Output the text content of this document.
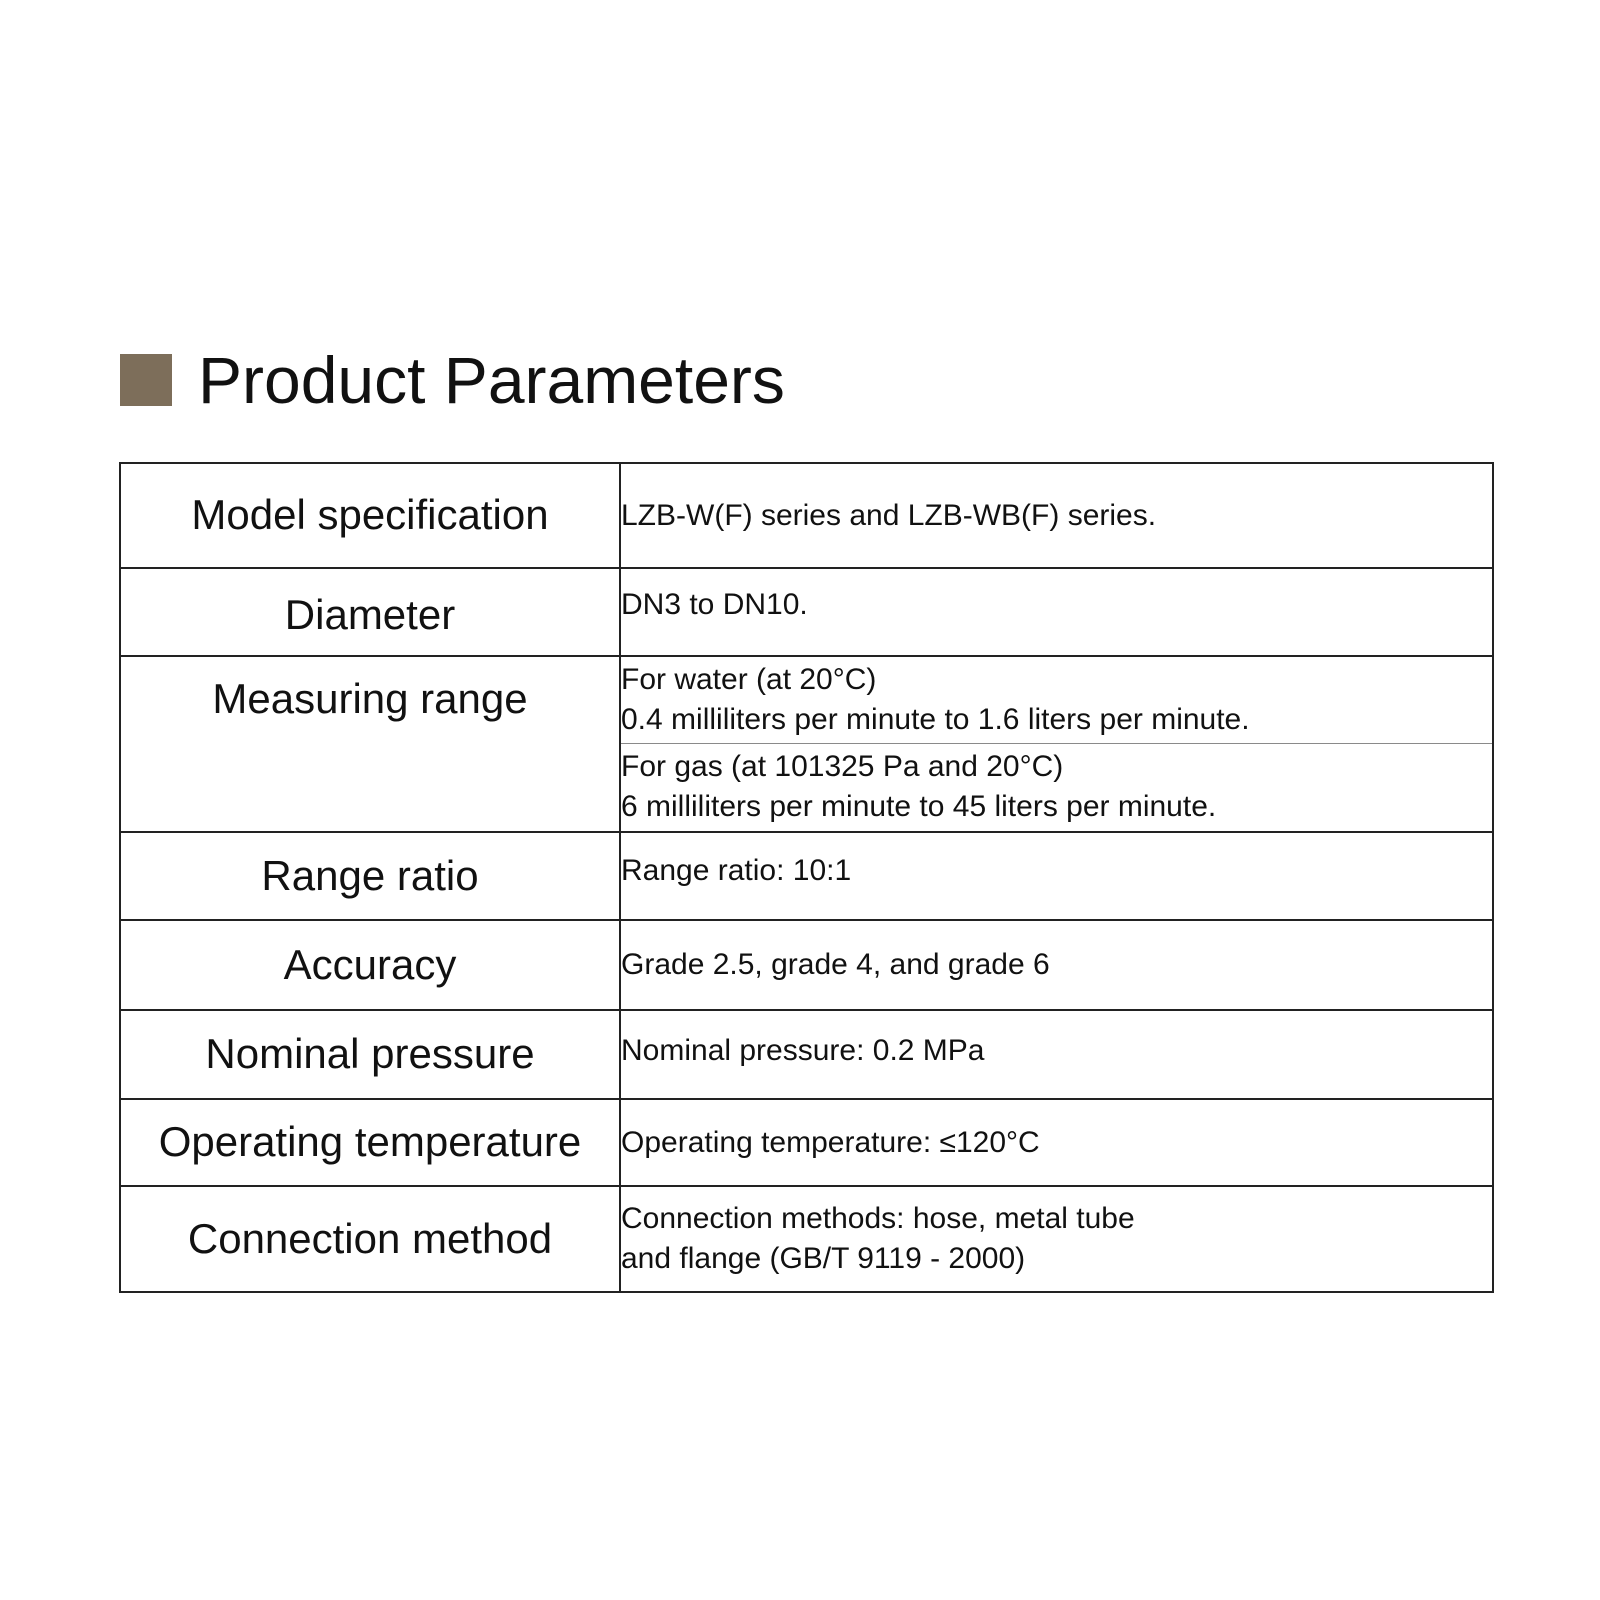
Product Parameters
Model specification	LZB-W(F) series and LZB-WB(F) series.
Diameter	DN3 to DN10.
Measuring range	For water (at 20°C)
0.4 milliliters per minute to 1.6 liters per minute.

	For gas (at 101325 Pa and 20°C)
6 milliliters per minute to 45 liters per minute.

Range ratio	Range ratio: 10:1
Accuracy	Grade 2.5, grade 4, and grade 6
Nominal pressure	Nominal pressure: 0.2 MPa
Operating temperature	Operating temperature: ≤120°C
Connection method	Connection methods: hose, metal tube
and flange (GB/T 9119 - 2000)
